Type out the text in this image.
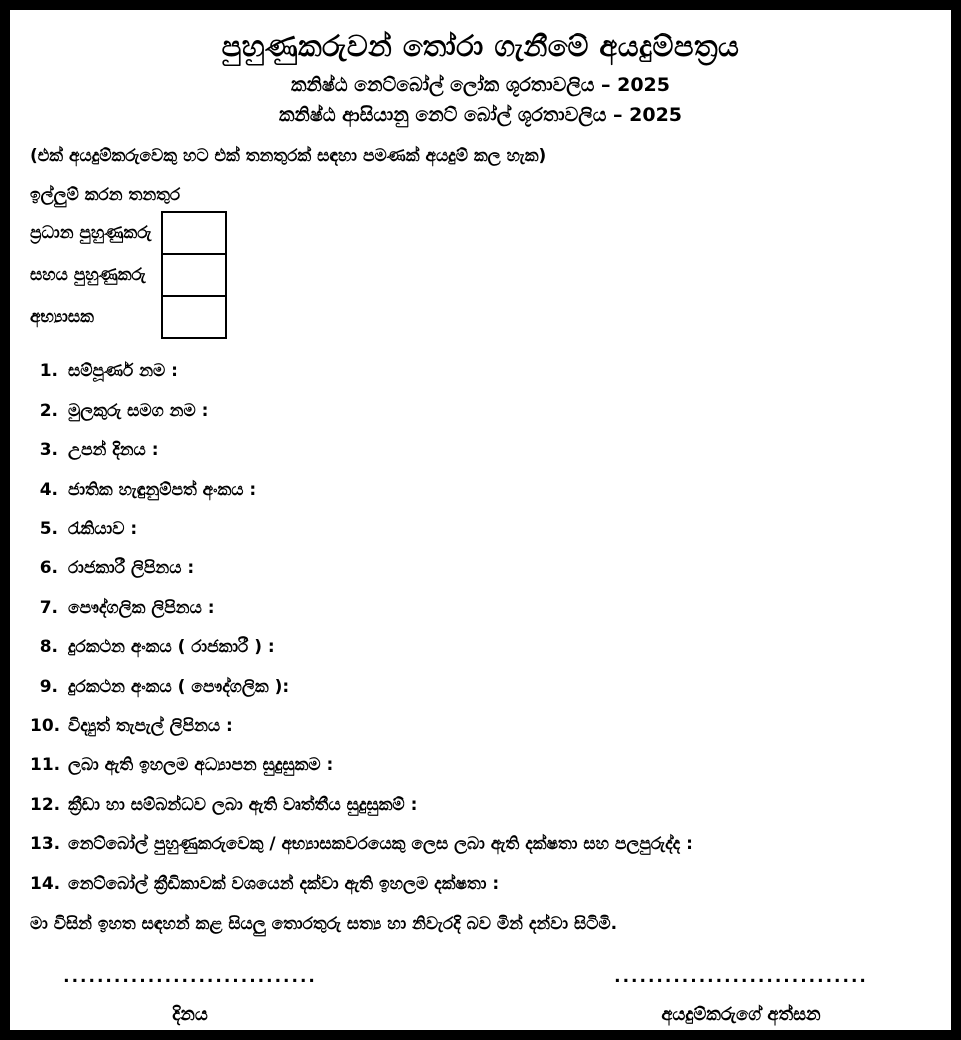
පුහුණුකරුවන් තෝරා ගැනීමේ අයදුම්පත්‍රය
කනිෂ්ඨ නෙට්බෝල් ලෝක ශූරතාවලිය – 2025
කනිෂ්ඨ ආසියානු නෙට් බෝල් ශූරතාවලිය – 2025
(එක් අයදුම්කරුවෙකු හට එක් තනතුරක් සඳහා පමණක් අයදුම් කල හැක)
ඉල්ලුම් කරන තනතුර
ප්‍රධාන පුහුණුකරු	
සහය පුහුණුකරු	
අභ්‍යාසක	
1. සම්පූර්ණ නම :
2. මුලකුරු සමග නම :
3. උපන් දිනය :
4. ජාතික හැඳුනුම්පත් අංකය :
5. රැකියාව :
6. රාජකාරී ලිපිනය :
7. පෞද්ගලික ලිපිනය :
8. දුරකථන අංකය ( රාජකාරී ) :
9. දුරකථන අංකය ( පෞද්ගලික ):
10. විද්‍යුත් තැපැල් ලිපිනය :
11. ලබා ඇති ඉහලම අධ්‍යාපන සුදුසුකම :
12. ක්‍රීඩා හා සම්බන්ධව ලබා ඇති වෘත්තීය සුදුසුකම් :
13. නෙට්බෝල් පුහුණුකරුවෙකු / අභ්‍යාසකවරයෙකු ලෙස ලබා ඇති දක්ෂතා සහ පලපුරුද්ද :
14. නෙට්බෝල් ක්‍රීඩිකාවක් වශයෙන් දක්වා ඇති ඉහලම දක්ෂතා :
මා විසින් ඉහත සඳහන් කළ සියලු තොරතුරු සත්‍ය හා නිවැරදි බව මින් දන්වා සිටිමි.
..............................
දිනය
..............................
අයදුම්කරුගේ අත්සන
